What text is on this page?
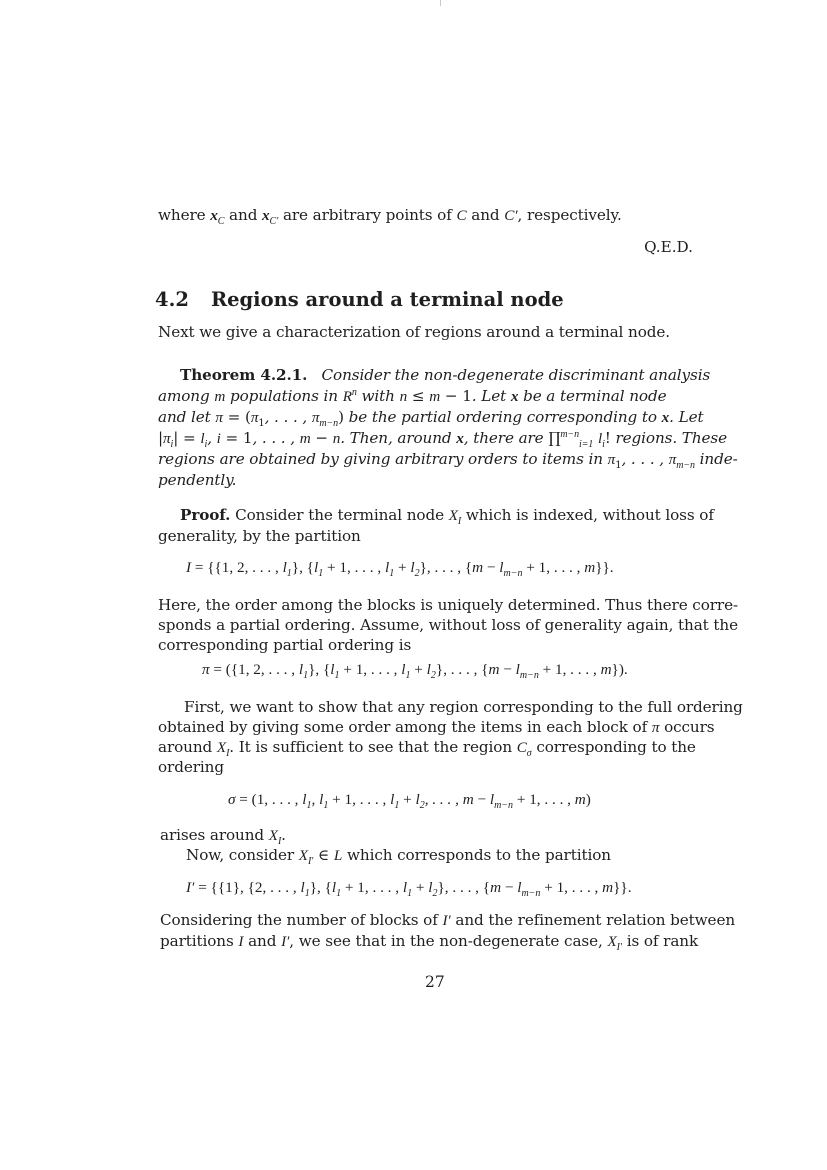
where $x_C$ and $x_{C'}$ are arbitrary points of C and C′, respectively.
Q.E.D.
4.2 Regions around a terminal node
Next we give a characterization of regions around a terminal node.
Theorem 4.2.1.   Consider the non-degenerate discriminant analysis
among m populations in $R^n$ with n ≤ m − 1. Let x be a terminal node
and let $\pi = (\pi_1$, . . . , $\pi_{m-n}$) be the partial ordering corresponding to x. Let
$|\pi_i| = l_i$, i = 1, . . . , m − n. Then, around x, there are ∏$^{m-n}_{i=1}$ $l_i$! regions. These
regions are obtained by giving arbitrary orders to items in $\pi_1$, . . . , $\pi_{m-n}$ inde-
pendently.
Proof. Consider the terminal node $X_I$ which is indexed, without loss of
generality, by the partition
I = {{1, 2, . . . , $l_1$}, {$l_1 + 1$, . . . , $l_1 + l_2$}, . . . , {$m - l_{m-n} + 1$, . . . , m}}.
Here, the order among the blocks is uniquely determined. Thus there corre-
sponds a partial ordering. Assume, without loss of generality again, that the
corresponding partial ordering is
π = ({1, 2, . . . , $l_1$}, {$l_1 + 1$, . . . , $l_1 + l_2$}, . . . , {$m - l_{m-n} + 1$, . . . , m}).
First, we want to show that any region corresponding to the full ordering
obtained by giving some order among the items in each block of π occurs
around $X_I$. It is sufficient to see that the region $C_\sigma$ corresponding to the
ordering
σ = (1, . . . , $l_1$, $l_1 + 1$, . . . , $l_1 + l_2$, . . . , $m - l_{m-n} + 1$, . . . , m)
arises around $X_I$.
Now, consider $X_{I'}$ ∈ L which corresponds to the partition
I′ = {{1}, {2, . . . , $l_1$}, {$l_1 + 1$, . . . , $l_1 + l_2$}, . . . , {$m - l_{m-n} + 1$, . . . , m}}.
Considering the number of blocks of I′ and the refinement relation between
partitions I and I′, we see that in the non-degenerate case, $X_{I'}$ is of rank
27
